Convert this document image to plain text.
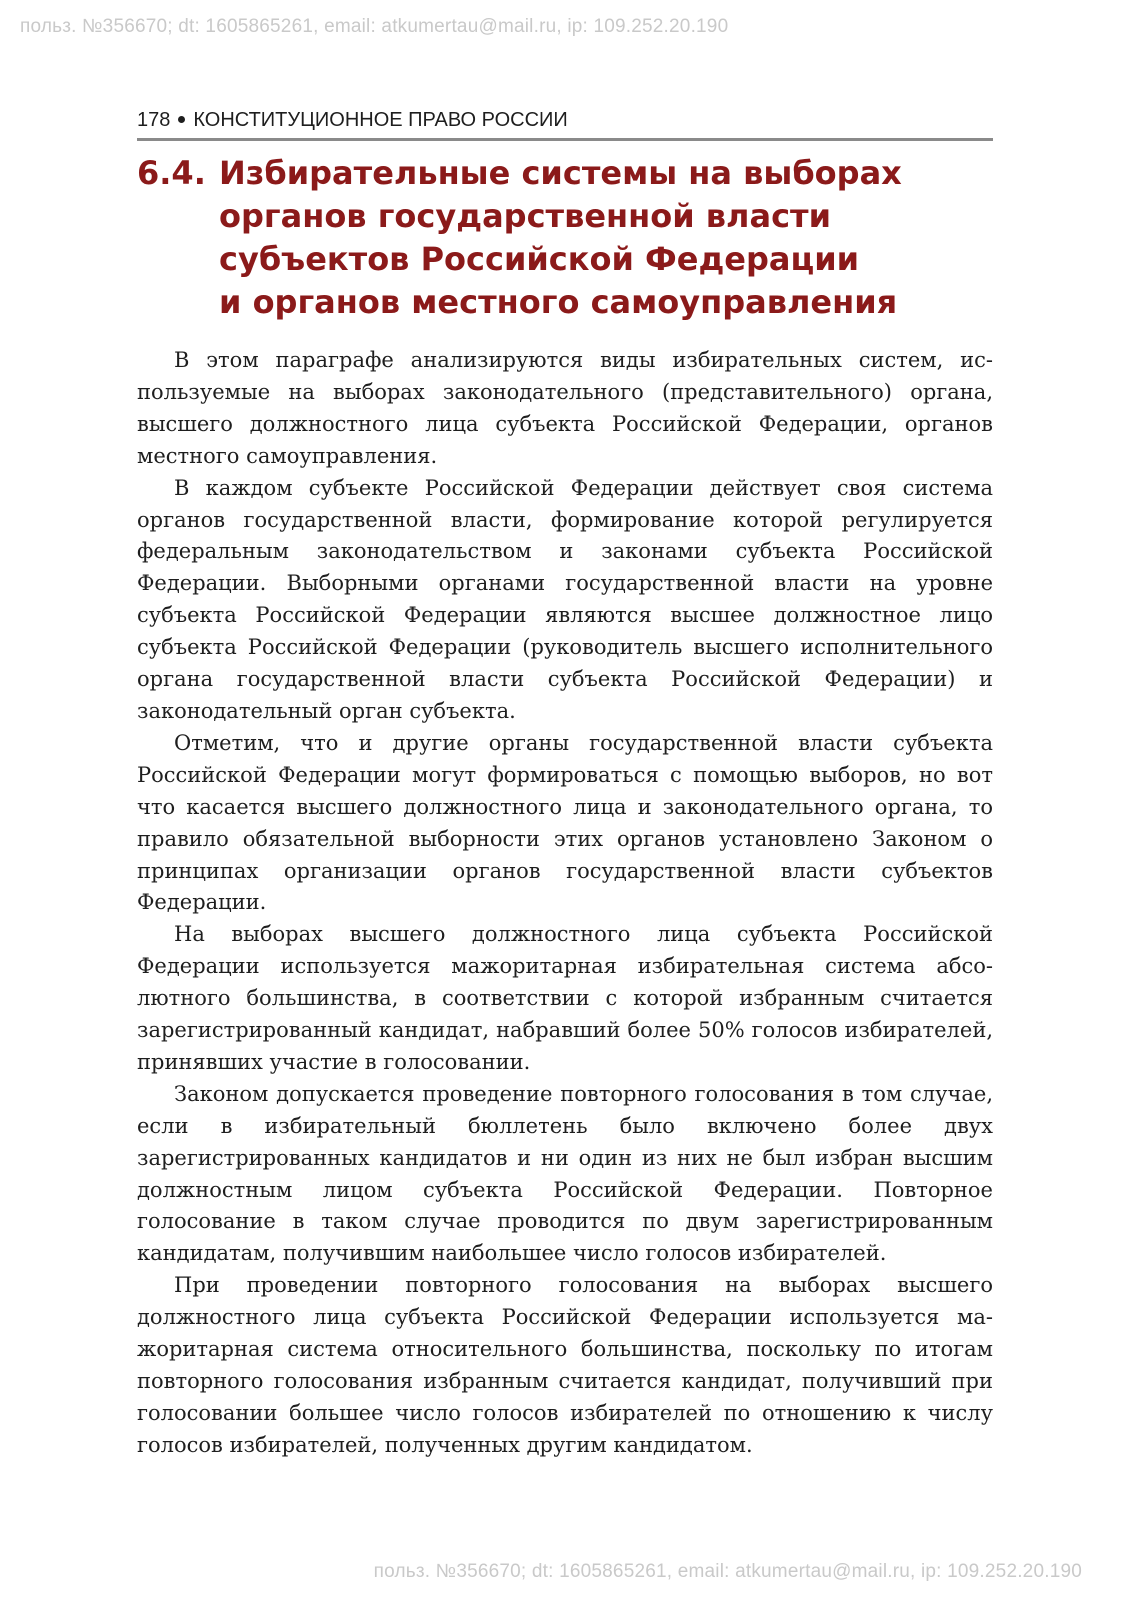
польз. №356670; dt: 1605865261, email: atkumertau@mail.ru, ip: 109.252.20.190
178 КОНСТИТУЦИОННОЕ ПРАВО РОССИИ
6.4. Избирательные системы на выборах
органов государственной власти
субъектов Российской Федерации
и органов местного самоуправления

В этом параграфе анализируются виды избирательных систем, используемые на выборах законодательного (представительного) органа, высшего должностного лица субъекта Российской Федерации, органов местного самоуправления.

В каждом субъекте Российской Федерации действует своя система органов государственной власти, формирование которой регулируется федеральным законодательством и законами субъекта Российской Федерации. Выборными органами государственной власти на уровне субъекта Российской Федерации являются высшее должностное лицо субъекта Российской Федерации (руководитель высшего исполнительного органа государственной власти субъекта Российской Федерации) и законодательный орган субъекта.

Отметим, что и другие органы государственной власти субъекта Российской Федерации могут формироваться с помощью выборов, но вот что касается высшего должностного лица и законодательного органа, то правило обязательной выборности этих органов установлено Законом о принципах организации органов государственной власти субъектов Федерации.

На выборах высшего должностного лица субъекта Российской Федерации используется мажоритарная избирательная система абсолютного большинства, в соответствии с которой избранным считается зарегистрированный кандидат, набравший более 50% голосов избирателей, принявших участие в голосовании.

Законом допускается проведение повторного голосования в том случае, если в избирательный бюллетень было включено более двух зарегистрированных кандидатов и ни один из них не был избран высшим должностным лицом субъекта Российской Федерации. Повторное голосование в таком случае проводится по двум зарегистрированным кандидатам, получившим наибольшее число голосов избирателей.

При проведении повторного голосования на выборах высшего должностного лица субъекта Российской Федерации используется мажоритарная система относительного большинства, поскольку по итогам повторного голосования избранным считается кандидат, получивший при голосовании большее число голосов избирателей по отношению к числу голосов избирателей, полученных другим кандидатом.

польз. №356670; dt: 1605865261, email: atkumertau@mail.ru, ip: 109.252.20.190
